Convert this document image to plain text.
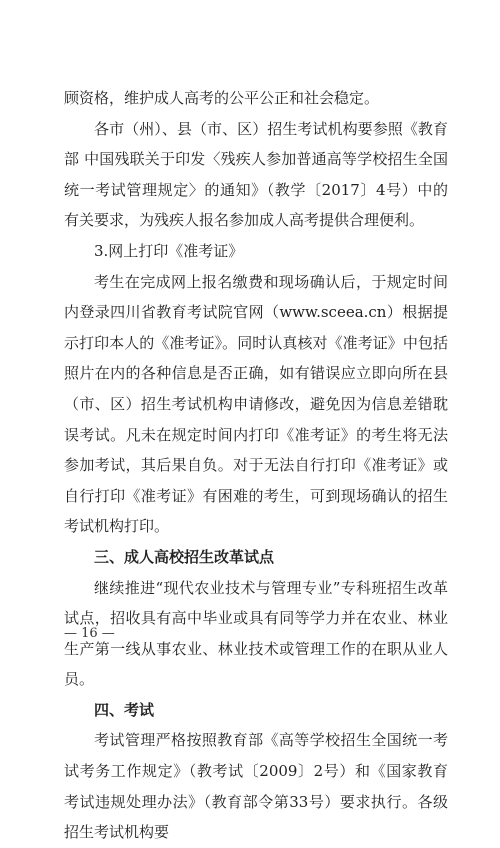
顾资格，维护成人高考的公平公正和社会稳定。

各市（州）、县（市、区）招生考试机构要参照《教育部 中国残联关于印发〈残疾人参加普通高等学校招生全国统一考试管理规定〉的通知》（教学〔2017〕4号）中的有关要求，为残疾人报名参加成人高考提供合理便利。

3.网上打印《准考证》

考生在完成网上报名缴费和现场确认后，于规定时间内登录四川省教育考试院官网（www.sceea.cn）根据提示打印本人的《准考证》。同时认真核对《准考证》中包括照片在内的各种信息是否正确，如有错误应立即向所在县（市、区）招生考试机构申请修改，避免因为信息差错耽误考试。凡未在规定时间内打印《准考证》的考生将无法参加考试，其后果自负。对于无法自行打印《准考证》或自行打印《准考证》有困难的考生，可到现场确认的招生考试机构打印。

三、成人高校招生改革试点

继续推进“现代农业技术与管理专业”专科班招生改革试点，招收具有高中毕业或具有同等学力并在农业、林业生产第一线从事农业、林业技术或管理工作的在职从业人员。

四、考试

考试管理严格按照教育部《高等学校招生全国统一考试考务工作规定》（教考试〔2009〕2号）和《国家教育考试违规处理办法》（教育部令第33号）要求执行。各级招生考试机构要

— 16 —
